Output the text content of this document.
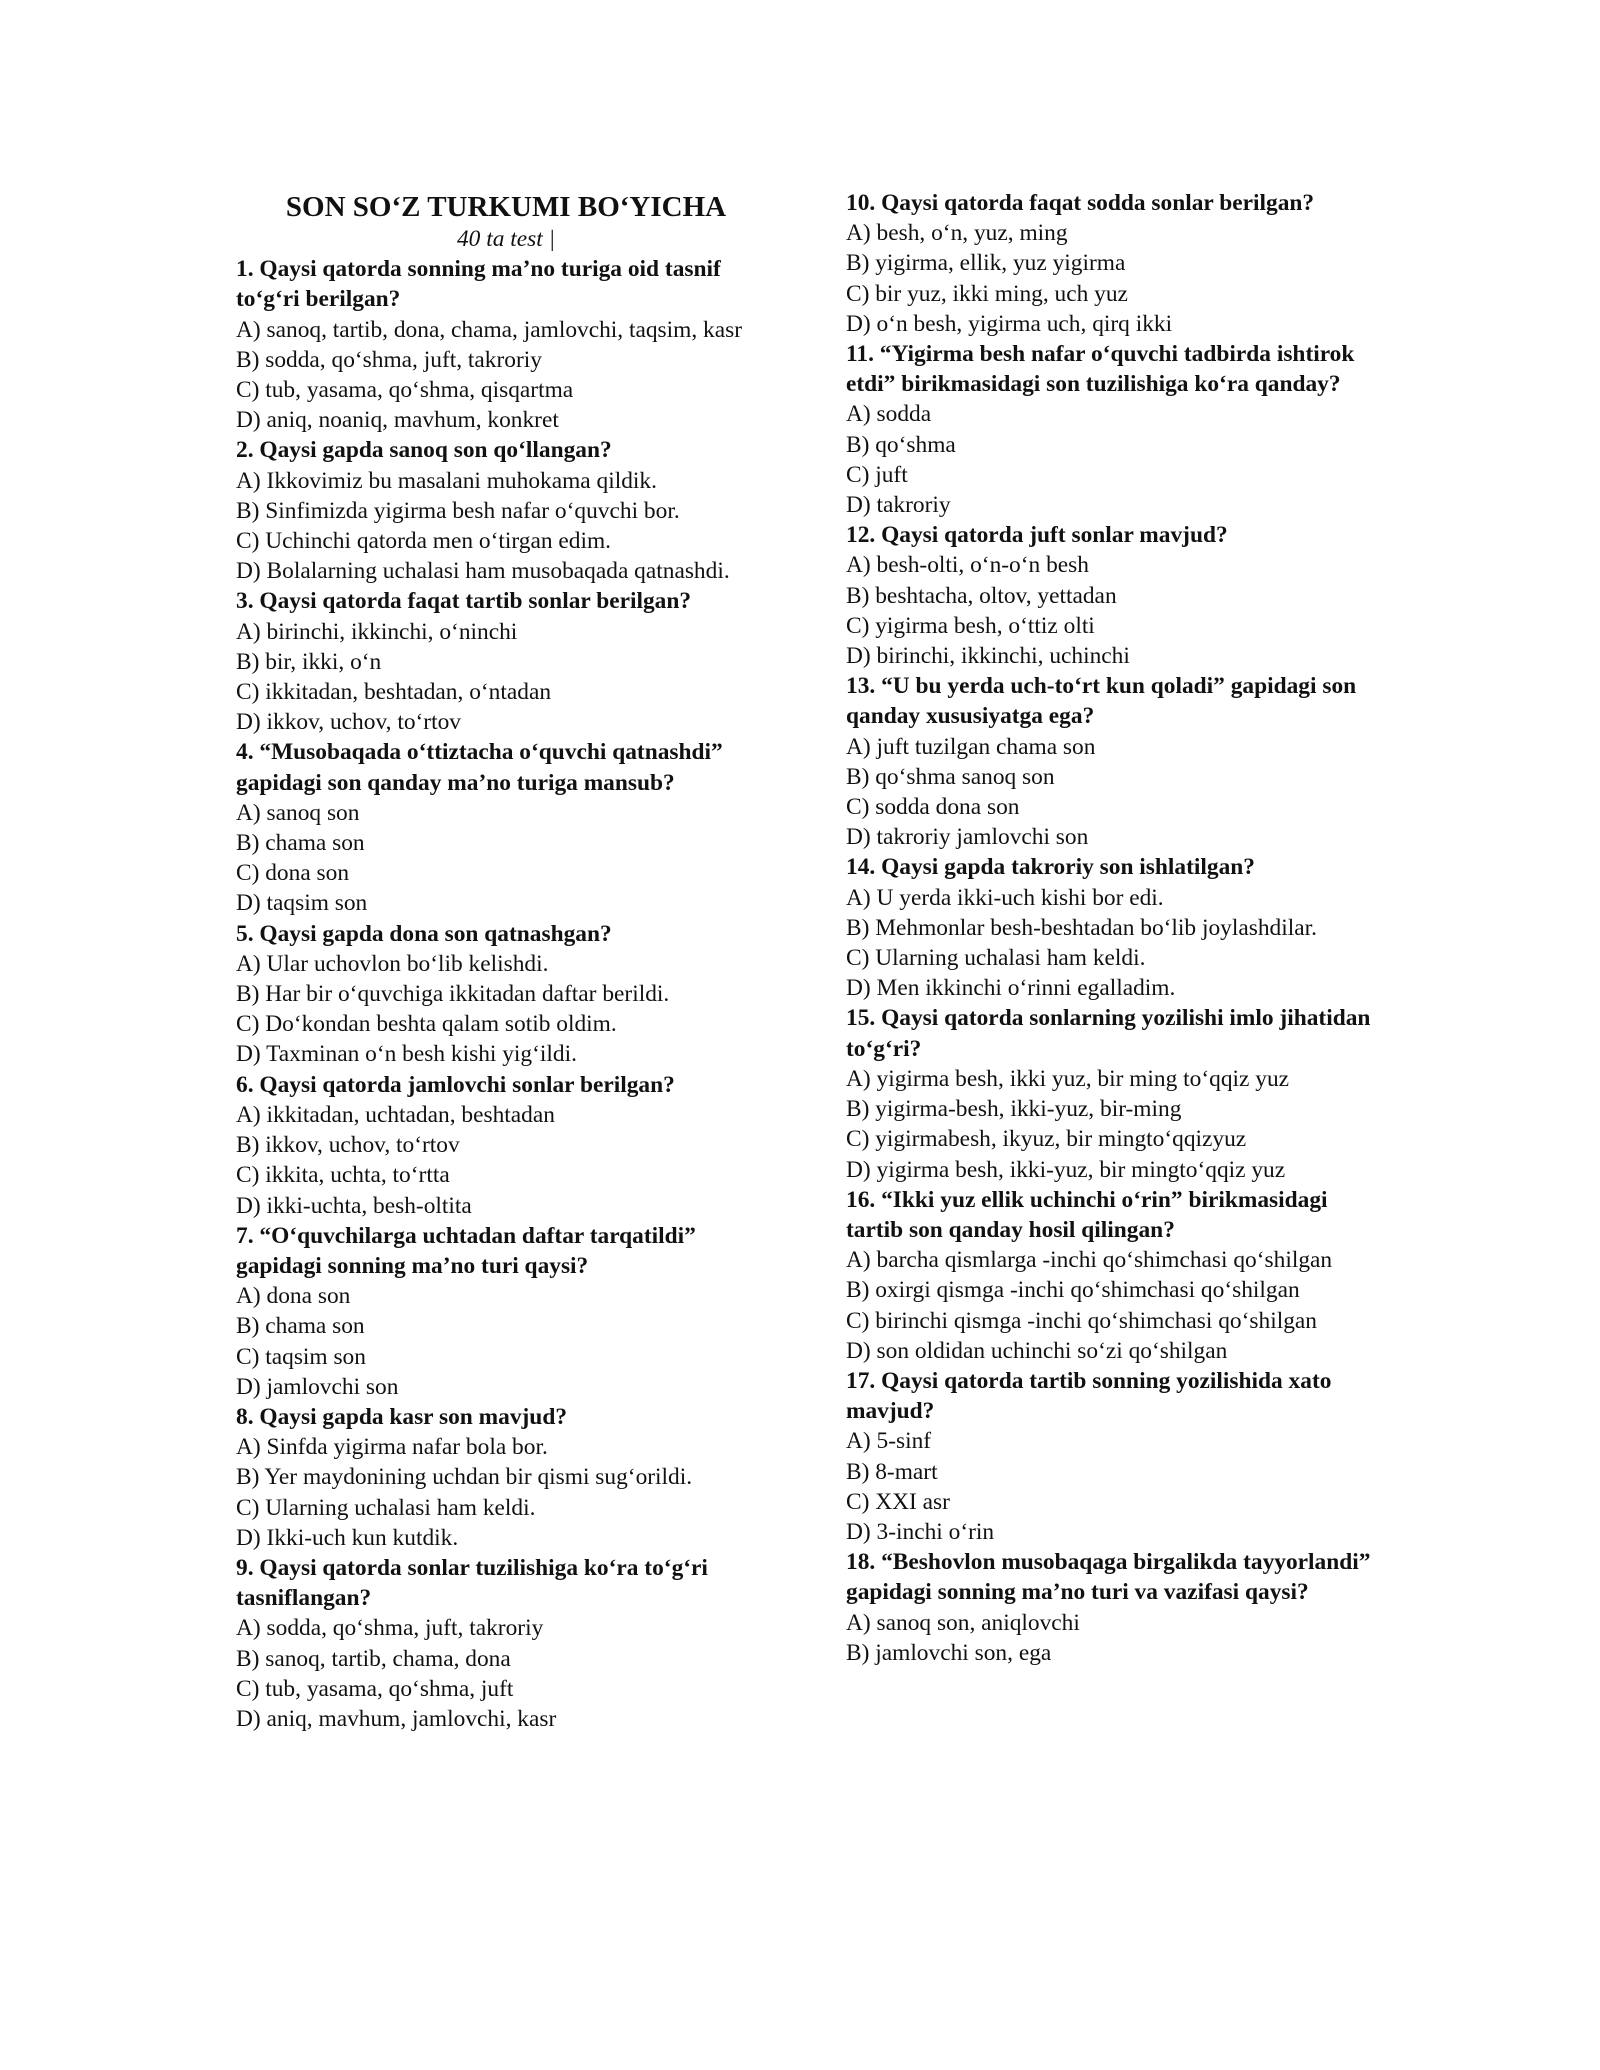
SON SO‘Z TURKUMI BO‘YICHA
40 ta test |
1. Qaysi qatorda sonning ma’no turiga oid tasnif to‘g‘ri berilgan?
A) sanoq, tartib, dona, chama, jamlovchi, taqsim, kasr
B) sodda, qo‘shma, juft, takroriy
C) tub, yasama, qo‘shma, qisqartma
D) aniq, noaniq, mavhum, konkret
2. Qaysi gapda sanoq son qo‘llangan?
A) Ikkovimiz bu masalani muhokama qildik.
B) Sinfimizda yigirma besh nafar o‘quvchi bor.
C) Uchinchi qatorda men o‘tirgan edim.
D) Bolalarning uchalasi ham musobaqada qatnashdi.
3. Qaysi qatorda faqat tartib sonlar berilgan?
A) birinchi, ikkinchi, o‘ninchi
B) bir, ikki, o‘n
C) ikkitadan, beshtadan, o‘ntadan
D) ikkov, uchov, to‘rtov
4. “Musobaqada o‘ttiztacha o‘quvchi qatnashdi” gapidagi son qanday ma’no turiga mansub?
A) sanoq son
B) chama son
C) dona son
D) taqsim son
5. Qaysi gapda dona son qatnashgan?
A) Ular uchovlon bo‘lib kelishdi.
B) Har bir o‘quvchiga ikkitadan daftar berildi.
C) Do‘kondan beshta qalam sotib oldim.
D) Taxminan o‘n besh kishi yig‘ildi.
6. Qaysi qatorda jamlovchi sonlar berilgan?
A) ikkitadan, uchtadan, beshtadan
B) ikkov, uchov, to‘rtov
C) ikkita, uchta, to‘rtta
D) ikki-uchta, besh-oltita
7. “O‘quvchilarga uchtadan daftar tarqatildi” gapidagi sonning ma’no turi qaysi?
A) dona son
B) chama son
C) taqsim son
D) jamlovchi son
8. Qaysi gapda kasr son mavjud?
A) Sinfda yigirma nafar bola bor.
B) Yer maydonining uchdan bir qismi sug‘orildi.
C) Ularning uchalasi ham keldi.
D) Ikki-uch kun kutdik.
9. Qaysi qatorda sonlar tuzilishiga ko‘ra to‘g‘ri tasniflangan?
A) sodda, qo‘shma, juft, takroriy
B) sanoq, tartib, chama, dona
C) tub, yasama, qo‘shma, juft
D) aniq, mavhum, jamlovchi, kasr
10. Qaysi qatorda faqat sodda sonlar berilgan?
A) besh, o‘n, yuz, ming
B) yigirma, ellik, yuz yigirma
C) bir yuz, ikki ming, uch yuz
D) o‘n besh, yigirma uch, qirq ikki
11. “Yigirma besh nafar o‘quvchi tadbirda ishtirok etdi” birikmasidagi son tuzilishiga ko‘ra qanday?
A) sodda
B) qo‘shma
C) juft
D) takroriy
12. Qaysi qatorda juft sonlar mavjud?
A) besh-olti, o‘n-o‘n besh
B) beshtacha, oltov, yettadan
C) yigirma besh, o‘ttiz olti
D) birinchi, ikkinchi, uchinchi
13. “U bu yerda uch-to‘rt kun qoladi” gapidagi son qanday xususiyatga ega?
A) juft tuzilgan chama son
B) qo‘shma sanoq son
C) sodda dona son
D) takroriy jamlovchi son
14. Qaysi gapda takroriy son ishlatilgan?
A) U yerda ikki-uch kishi bor edi.
B) Mehmonlar besh-beshtadan bo‘lib joylashdilar.
C) Ularning uchalasi ham keldi.
D) Men ikkinchi o‘rinni egalladim.
15. Qaysi qatorda sonlarning yozilishi imlo jihatidan to‘g‘ri?
A) yigirma besh, ikki yuz, bir ming to‘qqiz yuz
B) yigirma-besh, ikki-yuz, bir-ming
C) yigirmabesh, ikyuz, bir mingto‘qqizyuz
D) yigirma besh, ikki-yuz, bir mingto‘qqiz yuz
16. “Ikki yuz ellik uchinchi o‘rin” birikmasidagi tartib son qanday hosil qilingan?
A) barcha qismlarga -inchi qo‘shimchasi qo‘shilgan
B) oxirgi qismga -inchi qo‘shimchasi qo‘shilgan
C) birinchi qismga -inchi qo‘shimchasi qo‘shilgan
D) son oldidan uchinchi so‘zi qo‘shilgan
17. Qaysi qatorda tartib sonning yozilishida xato mavjud?
A) 5-sinf
B) 8-mart
C) XXI asr
D) 3-inchi o‘rin
18. “Beshovlon musobaqaga birgalikda tayyorlandi” gapidagi sonning ma’no turi va vazifasi qaysi?
A) sanoq son, aniqlovchi
B) jamlovchi son, ega
